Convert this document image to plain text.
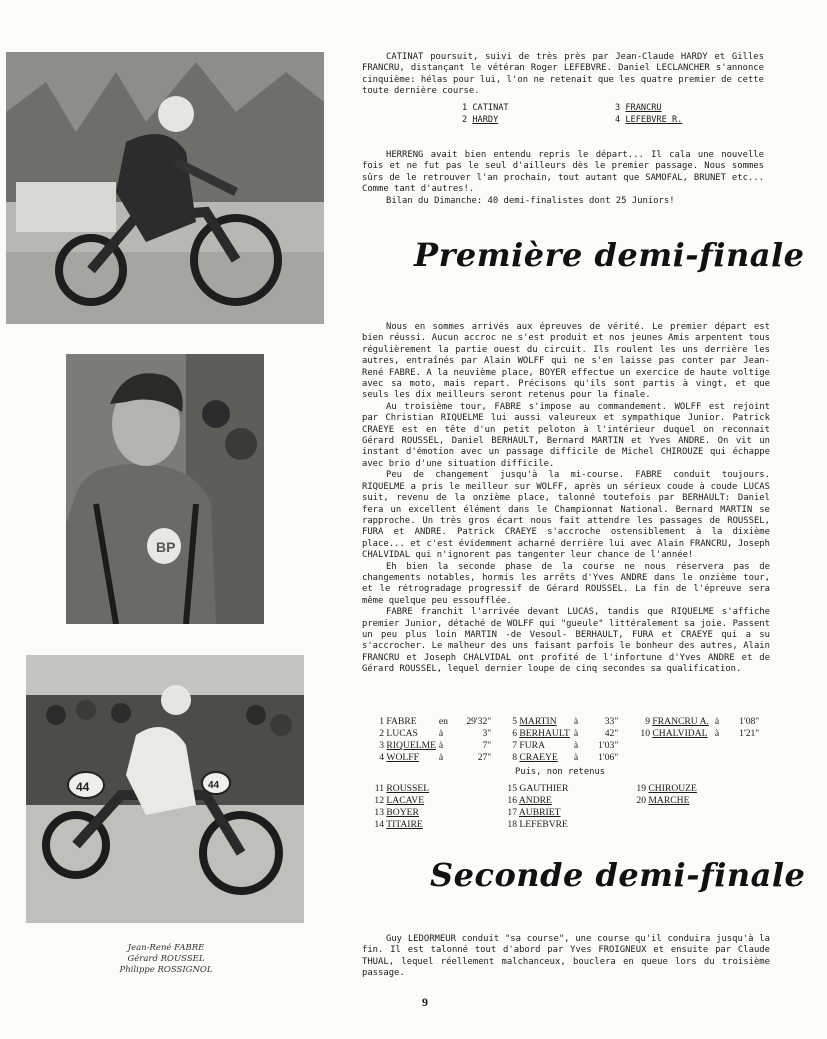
BP
44	44
Jean-René FABRE
Gérard ROUSSEL
Philippe ROSSIGNOL

CATINAT poursuit, suivi de très près par Jean-Claude HARDY et Gilles FRANCRU, distançant le vétéran Roger LEFEBVRE. Daniel LECLANCHER s'annonce cinquième: hélas pour lui, l'on ne retenait que les quatre premier de cette toute dernière course.

1 CATINAT
2 HARDY
3 FRANCRU
4 LEFEBVRE R.

HERRENG avait bien entendu repris le départ... Il cala une nouvelle fois et ne fut pas le seul d'ailleurs dès le premier passage. Nous sommes sûrs de le retrouver l'an prochain, tout autant que SAMOFAL, BRUNET etc... Comme tant d'autres!.

Bilan du Dimanche: 40 demi-finalistes dont 25 Juniors!

Première demi-finale

Nous en sommes arrivés aux épreuves de vérité. Le premier départ est bien réussi. Aucun accroc ne s'est produit et nos jeunes Amis arpentent tous régulièrement la partie ouest du circuit. Ils roulent les uns derrière les autres, entraînés par Alain WOLFF qui ne s'en laisse pas conter par Jean-René FABRE. A la neuvième place, BOYER effectue un exercice de haute voltige avec sa moto, mais repart. Précisons qu'ils sont partis à vingt, et que seuls les dix meilleurs seront retenus pour la finale.

Au troisième tour, FABRE s'impose au commandement. WOLFF est rejoint par Christian RIQUELME lui aussi valeureux et sympathique Junior. Patrick CRAEYE est en tête d'un petit peloton à l'intérieur duquel on reconnait Gérard ROUSSEL, Daniel BERHAULT, Bernard MARTIN et Yves ANDRE. On vit un instant d'émotion avec un passage difficile de Michel CHIROUZE qui échappe avec brio d'une situation difficile.

Peu de changement jusqu'à la mi-course. FABRE conduit toujours. RIQUELME a pris le meilleur sur WOLFF, après un sérieux coude à coude LUCAS suit, revenu de la onzième place, talonné toutefois par BERHAULT: Daniel fera un excellent élément dans le Championnat National. Bernard MARTIN se rapproche. Un très gros écart nous fait attendre les passages de ROUSSEL, FURA et ANDRE. Patrick CRAEYE s'accroche ostensiblement à la dixième place... et c'est évidemment acharné derrière lui avec Alain FRANCRU, Joseph CHALVIDAL qui n'ignorent pas tangenter leur chance de l'année!

Eh bien la seconde phase de la course ne nous réservera pas de changements notables, hormis les arrêts d'Yves ANDRE dans le onzième tour, et le rétrogradage progressif de Gérard ROUSSEL. La fin de l'épreuve sera même quelque peu essoufflée.

FABRE franchit l'arrivée devant LUCAS, tandis que RIQUELME s'affiche premier Junior, détaché de WOLFF qui "gueule" littéralement sa joie. Passent un peu plus loin MARTIN -de Vesoul- BERHAULT, FURA et CRAEYE qui a su s'accrocher. Le malheur des uns faisant parfois le bonheur des autres, Alain FRANCRU et Joseph CHALVIDAL ont profité de l'infortune d'Yves ANDRE et de Gérard ROUSSEL, lequel dernier loupe de cinq secondes sa qualification.

1 FABRE en 29'32"
2 LUCAS à	3"
3 RIQUELME à	7"
4 WOLFF à	27"
5 MARTIN à	33"
6 BERHAULT à	42"
7 FURA	à 1'03"
8 CRAEYE à 1'06"
9 FRANCRU A. à 1'08"
10 CHALVIDAL à 1'21"
Puis, non retenus
11 ROUSSEL
12 LACAVE
13 BOYER
14 TITAIRE
15 GAUTHIER
16 ANDRE
17 AUBRIET
18 LEFEBVRE
19 CHIROUZE
20 MARCHE
Seconde demi-finale

Guy LEDORMEUR conduit "sa course", une course qu'il conduira jusqu'à la fin. Il est talonné tout d'abord par Yves FROIGNEUX et ensuite par Claude THUAL, lequel réellement malchanceux, bouclera en queue lors du troisième passage.

9
